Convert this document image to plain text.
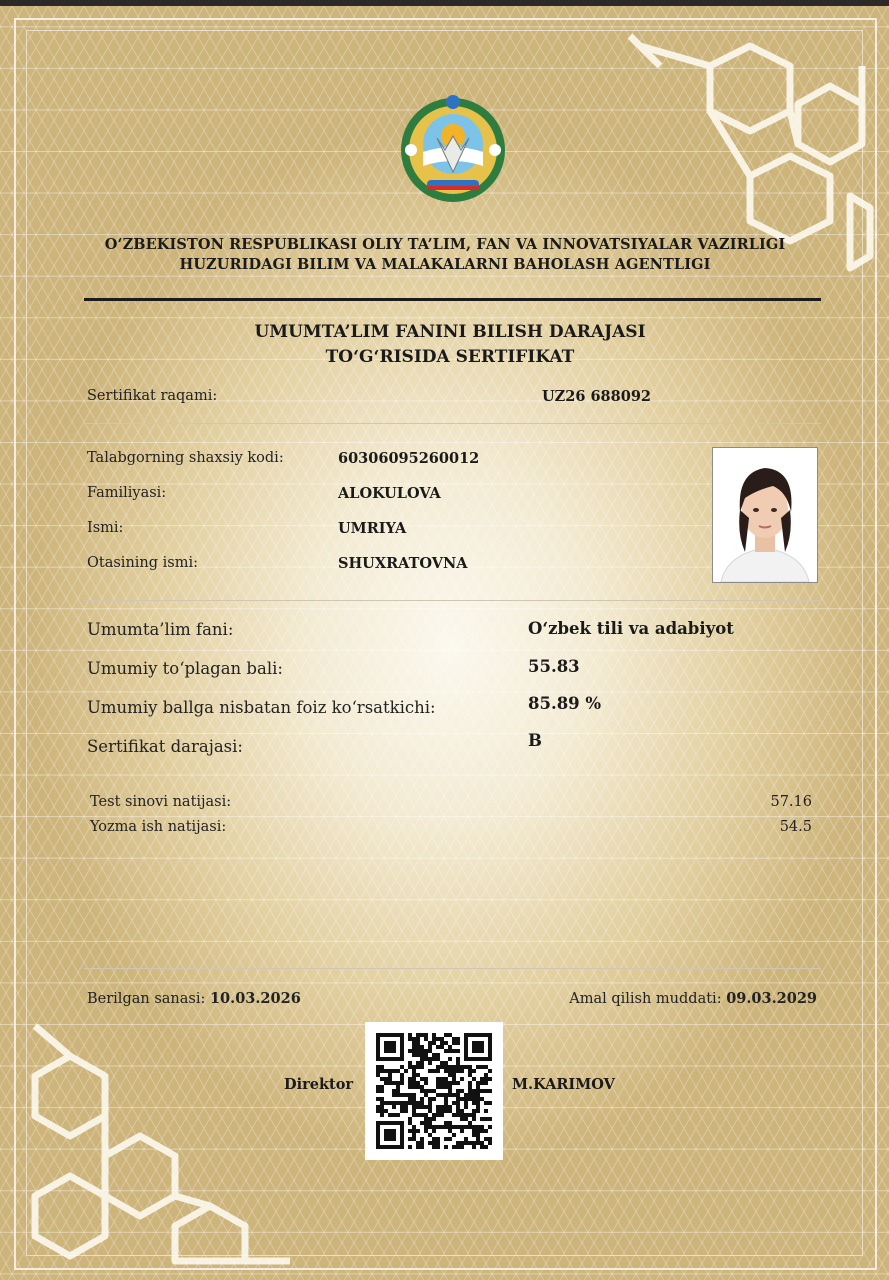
O‘ZBEKISTON RESPUBLIKASI OLIY TA’LIM, FAN VA INNOVATSIYALAR VAZIRLIGI
HUZURIDAGI BILIM VA MALAKALARNI BAHOLASH AGENTLIGI
UMUMTA’LIM FANINI BILISH DARAJASI
TO‘G‘RISIDA SERTIFIKAT
Sertifikat raqami:	UZ26 688092
Talabgorning shaxsiy kodi:	60306095260012
Familiyasi:	ALOKULOVA
Ismi:	UMRIYA
Otasining ismi:	SHUXRATOVNA
Umumta’lim fani:	O‘zbek tili va adabiyot
Umumiy to‘plagan bali:	55.83
Umumiy ballga nisbatan foiz ko‘rsatkichi:	85.89 %
Sertifikat darajasi:	B
Test sinovi natijasi:	57.16
Yozma ish natijasi:	54.5
Berilgan sanasi: 10.03.2026	Amal qilish muddati: 09.03.2029
Direktor	M.KARIMOV
